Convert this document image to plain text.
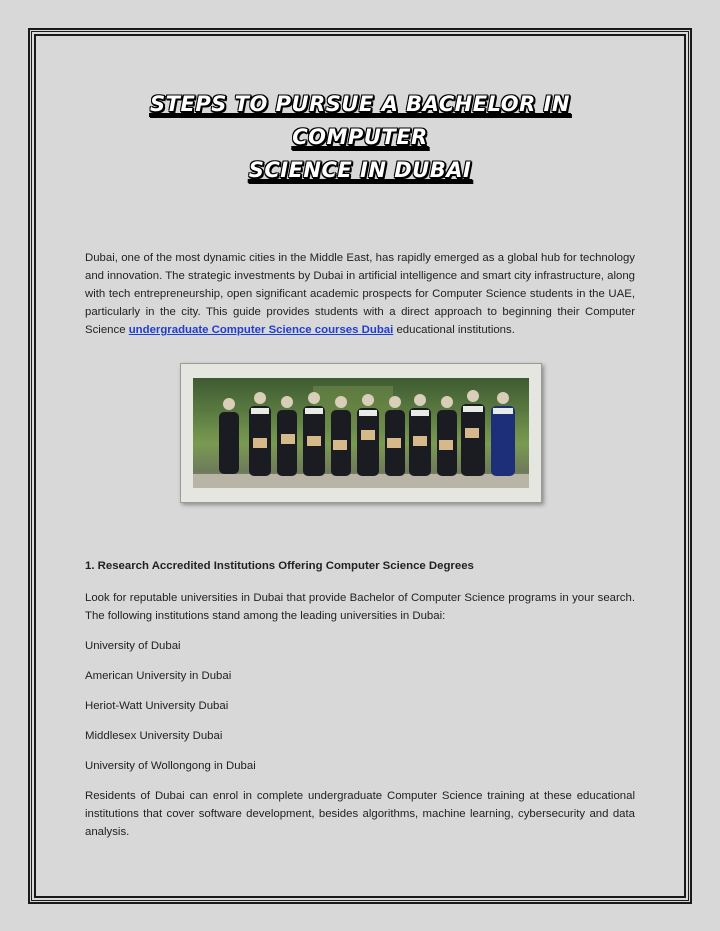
STEPS TO PURSUE A BACHELOR IN COMPUTER
SCIENCE IN DUBAI

Dubai, one of the most dynamic cities in the Middle East, has rapidly emerged as a global hub for technology and innovation. The strategic investments by Dubai in artificial intelligence and smart city infrastructure, along with tech entrepreneurship, open significant academic prospects for Computer Science students in the UAE, particularly in the city. This guide provides students with a direct approach to beginning their Computer Science undergraduate Computer Science courses Dubai educational institutions.

1. Research Accredited Institutions Offering Computer Science Degrees

Look for reputable universities in Dubai that provide Bachelor of Computer Science programs in your search. The following institutions stand among the leading universities in Dubai:

University of Dubai

American University in Dubai

Heriot-Watt University Dubai

Middlesex University Dubai

University of Wollongong in Dubai

Residents of Dubai can enrol in complete undergraduate Computer Science training at these educational institutions that cover software development, besides algorithms, machine learning, cybersecurity and data analysis.
